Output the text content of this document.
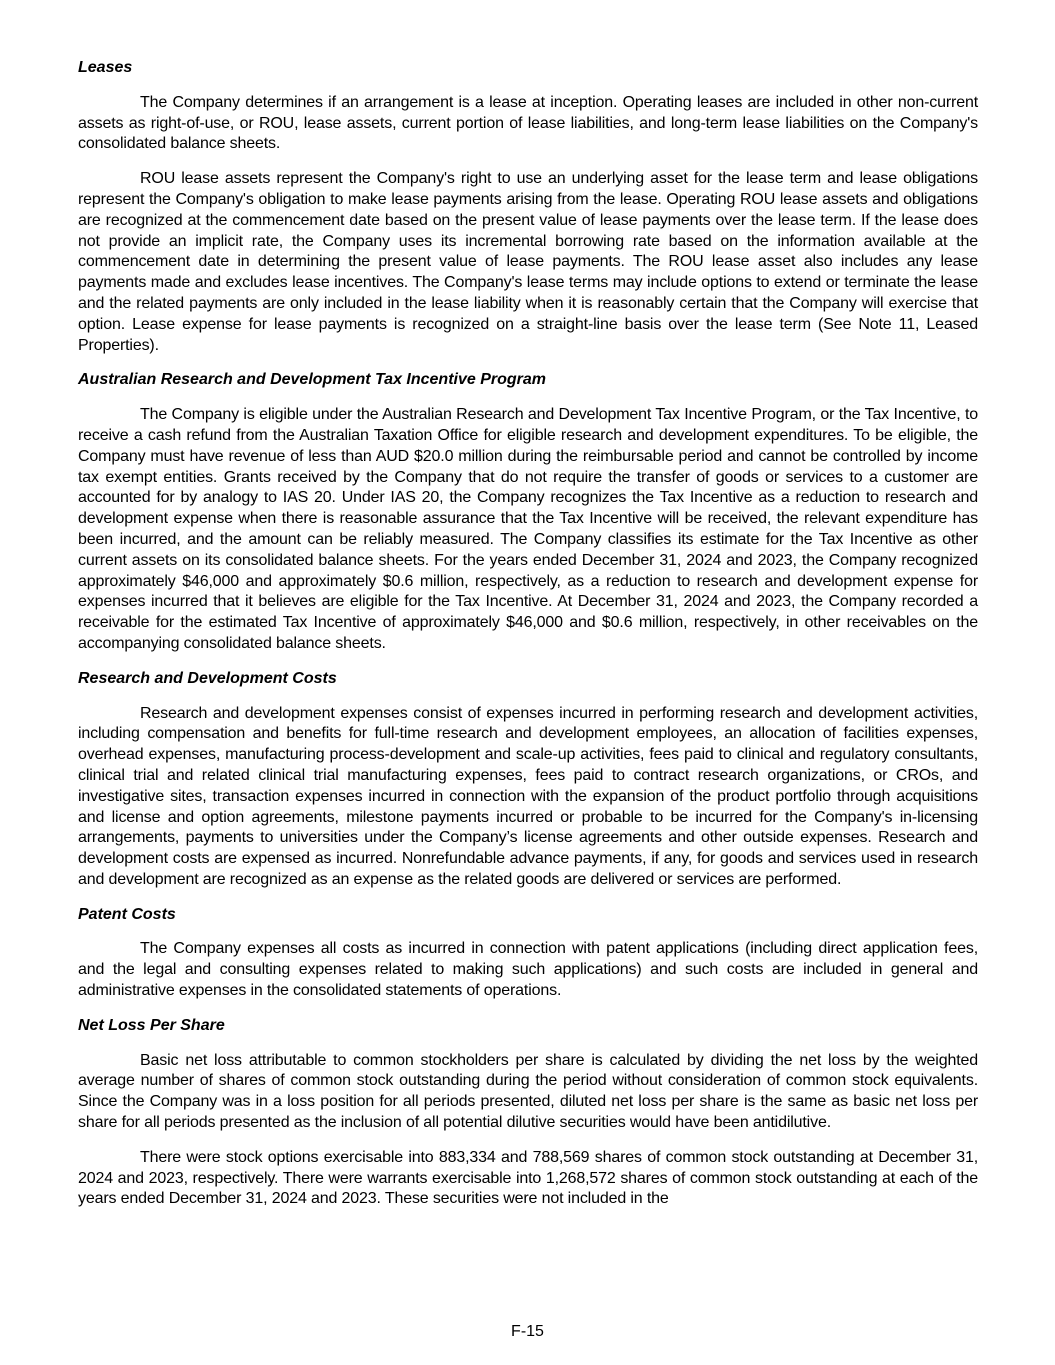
Leases

The Company determines if an arrangement is a lease at inception. Operating leases are included in other non-current assets as right-of-use, or ROU, lease assets, current portion of lease liabilities, and long-term lease liabilities on the Company's consolidated balance sheets.

ROU lease assets represent the Company's right to use an underlying asset for the lease term and lease obligations represent the Company's obligation to make lease payments arising from the lease. Operating ROU lease assets and obligations are recognized at the commencement date based on the present value of lease payments over the lease term. If the lease does not provide an implicit rate, the Company uses its incremental borrowing rate based on the information available at the commencement date in determining the present value of lease payments. The ROU lease asset also includes any lease payments made and excludes lease incentives. The Company's lease terms may include options to extend or terminate the lease and the related payments are only included in the lease liability when it is reasonably certain that the Company will exercise that option. Lease expense for lease payments is recognized on a straight-line basis over the lease term (See Note 11, Leased Properties).

Australian Research and Development Tax Incentive Program

The Company is eligible under the Australian Research and Development Tax Incentive Program, or the Tax Incentive, to receive a cash refund from the Australian Taxation Office for eligible research and development expenditures. To be eligible, the Company must have revenue of less than AUD $20.0 million during the reimbursable period and cannot be controlled by income tax exempt entities. Grants received by the Company that do not require the transfer of goods or services to a customer are accounted for by analogy to IAS 20. Under IAS 20, the Company recognizes the Tax Incentive as a reduction to research and development expense when there is reasonable assurance that the Tax Incentive will be received, the relevant expenditure has been incurred, and the amount can be reliably measured. The Company classifies its estimate for the Tax Incentive as other current assets on its consolidated balance sheets. For the years ended December 31, 2024 and 2023, the Company recognized approximately $46,000 and approximately $0.6 million, respectively, as a reduction to research and development expense for expenses incurred that it believes are eligible for the Tax Incentive. At December 31, 2024 and 2023, the Company recorded a receivable for the estimated Tax Incentive of approximately $46,000 and $0.6 million, respectively, in other receivables on the accompanying consolidated balance sheets.

Research and Development Costs

Research and development expenses consist of expenses incurred in performing research and development activities, including compensation and benefits for full-time research and development employees, an allocation of facilities expenses, overhead expenses, manufacturing process-development and scale-up activities, fees paid to clinical and regulatory consultants, clinical trial and related clinical trial manufacturing expenses, fees paid to contract research organizations, or CROs, and investigative sites, transaction expenses incurred in connection with the expansion of the product portfolio through acquisitions and license and option agreements, milestone payments incurred or probable to be incurred for the Company's in-licensing arrangements, payments to universities under the Company’s license agreements and other outside expenses. Research and development costs are expensed as incurred. Nonrefundable advance payments, if any, for goods and services used in research and development are recognized as an expense as the related goods are delivered or services are performed.

Patent Costs

The Company expenses all costs as incurred in connection with patent applications (including direct application fees, and the legal and consulting expenses related to making such applications) and such costs are included in general and administrative expenses in the consolidated statements of operations.

Net Loss Per Share

Basic net loss attributable to common stockholders per share is calculated by dividing the net loss by the weighted average number of shares of common stock outstanding during the period without consideration of common stock equivalents. Since the Company was in a loss position for all periods presented, diluted net loss per share is the same as basic net loss per share for all periods presented as the inclusion of all potential dilutive securities would have been antidilutive.

There were stock options exercisable into 883,334 and 788,569 shares of common stock outstanding at December 31, 2024 and 2023, respectively. There were warrants exercisable into 1,268,572 shares of common stock outstanding at each of the years ended December 31, 2024 and 2023. These securities were not included in the

F-15
